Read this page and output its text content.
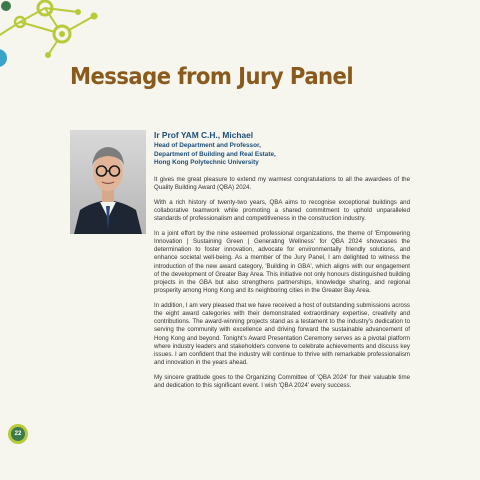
Message from Jury Panel
Ir Prof YAM C.H., Michael
Head of Department and Professor,
Department of Building and Real Estate,
Hong Kong Polytechnic University

It gives me great pleasure to extend my warmest congratulations to all the awardees of the Quality Building Award (QBA) 2024.

With a rich history of twenty-two years, QBA aims to recognise exceptional buildings and collaborative teamwork while promoting a shared commitment to uphold unparalleled standards of professionalism and competitiveness in the construction industry.

In a joint effort by the nine esteemed professional organizations, the theme of 'Empowering Innovation | Sustaining Green | Generating Wellness' for QBA 2024 showcases the determination to foster innovation, advocate for environmentally friendly solutions, and enhance societal well-being. As a member of the Jury Panel, I am delighted to witness the introduction of the new award category, 'Building in GBA', which aligns with our engagement of the development of Greater Bay Area. This initiative not only honours distinguished building projects in the GBA but also strengthens partnerships, knowledge sharing, and regional prosperity among Hong Kong and its neighboring cities in the Greater Bay Area.

In addition, I am very pleased that we have received a host of outstanding submissions across the eight award categories with their demonstrated extraordinary expertise, creativity and contributions. The award-winning projects stand as a testament to the industry's dedication to serving the community with excellence and driving forward the sustainable advancement of Hong Kong and beyond. Tonight's Award Presentation Ceremony serves as a pivotal platform where industry leaders and stakeholders convene to celebrate achievements and discuss key issues. I am confident that the industry will continue to thrive with remarkable professionalism and innovation in the years ahead.

My sincere gratitude goes to the Organizing Committee of 'QBA 2024' for their valuable time and dedication to this significant event. I wish 'QBA 2024' every success.

22
